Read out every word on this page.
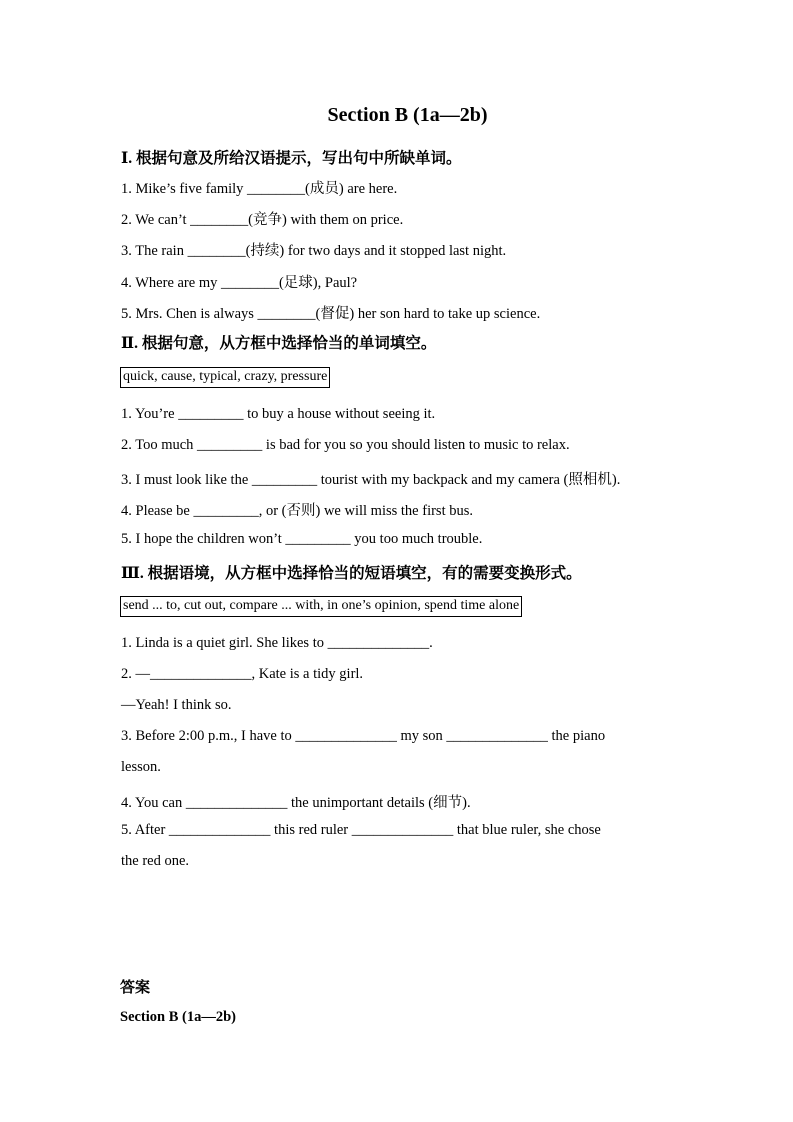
Section B (1a—2b)
Ⅰ. 根据句意及所给汉语提示，写出句中所缺单词。
1. Mike’s five family ________(成员) are here.
2. We can’t ________(竞争) with them on price.
3. The rain ________(持续) for two days and it stopped last night.
4. Where are my ________(足球), Paul?
5. Mrs. Chen is always ________(督促) her son hard to take up science.
Ⅱ. 根据句意，从方框中选择恰当的单词填空。
quick, cause, typical, crazy, pressure
1. You’re _________ to buy a house without seeing it.
2. Too much _________ is bad for you so you should listen to music to relax.
3. I must look like the _________ tourist with my backpack and my camera (照相机).
4. Please be _________, or (否则) we will miss the first bus.
5. I hope the children won’t _________ you too much trouble.
Ⅲ. 根据语境，从方框中选择恰当的短语填空，有的需要变换形式。
send ... to, cut out, compare ... with, in one’s opinion, spend time alone
1. Linda is a quiet girl. She likes to ______________.
2. —______________, Kate is a tidy girl.
—Yeah! I think so.
3. Before 2:00 p.m., I have to ______________ my son ______________ the piano
lesson.
4. You can ______________ the unimportant details (细节).
5. After ______________ this red ruler ______________ that blue ruler, she chose
the red one.
答案
Section B (1a—2b)
